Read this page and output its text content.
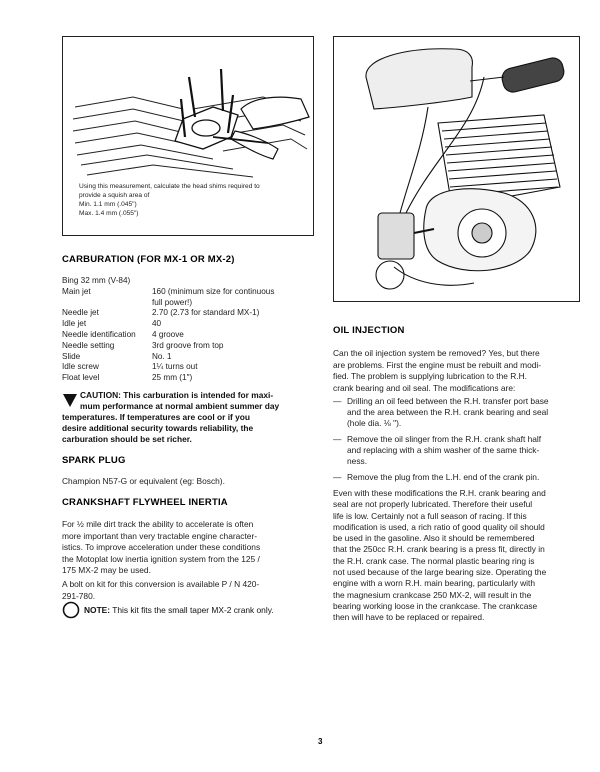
Using this measurement, calculate the head shims required to
provide a squish area of
Min. 1.1 mm (.045")
Max. 1.4 mm (.055")
CARBURATION (FOR MX-1 OR MX-2)
Bing 32 mm (V-84)
Main jet	160 (minimum size for continuous
full power!)
Needle jet	2.70 (2.73 for standard MX-1)
Idle jet	40
Needle identification	4 groove
Needle setting	3rd groove from top
Slide	No. 1
Idle screw	1¼ turns out
Float level	25 mm (1")
CAUTION: This carburation is intended for maxi-
mum performance at normal ambient summer day
temperatures. If temperatures are cool or if you
desire additional security towards reliability, the
carburation should be set richer.
SPARK PLUG

Champion N57-G or equivalent (eg: Bosch).

CRANKSHAFT FLYWHEEL INERTIA
For ½ mile dirt track the ability to accelerate is often
more important than very tractable engine character-
istics. To improve acceleration under these conditions
the Motoplat low inertia ignition system from the 125 /
175 MX-2 may be used.
A bolt on kit for this conversion is available P / N 420-
291-780.
NOTE: This kit fits the small taper MX-2 crank only.
OIL INJECTION
Can the oil injection system be removed? Yes, but there
are problems. First the engine must be rebuilt and modi-
fied. The problem is supplying lubrication to the R.H.
crank bearing and oil seal. The modifications are:
— Drilling an oil feed between the R.H. transfer port base
and the area between the R.H. crank bearing and seal
(hole dia. ⅛ ").
— Remove the oil slinger from the R.H. crank shaft half
and replacing with a shim washer of the same thick-
ness.
— Remove the plug from the L.H. end of the crank pin.
Even with these modifications the R.H. crank bearing and
seal are not properly lubricated. Therefore their useful
life is low. Certainly not a full season of racing. If this
modification is used, a rich ratio of good quality oil should
be used in the gasoline. Also it should be remembered
that the 250cc R.H. crank bearing is a press fit, directly in
the R.H. crank case. The normal plastic bearing ring is
not used because of the large bearing size. Operating the
engine with a worn R.H. main bearing, particularly with
the magnesium crankcase 250 MX-2, will result in the
bearing working loose in the crankcase. The crankcase
then will have to be replaced or repaired.
3
